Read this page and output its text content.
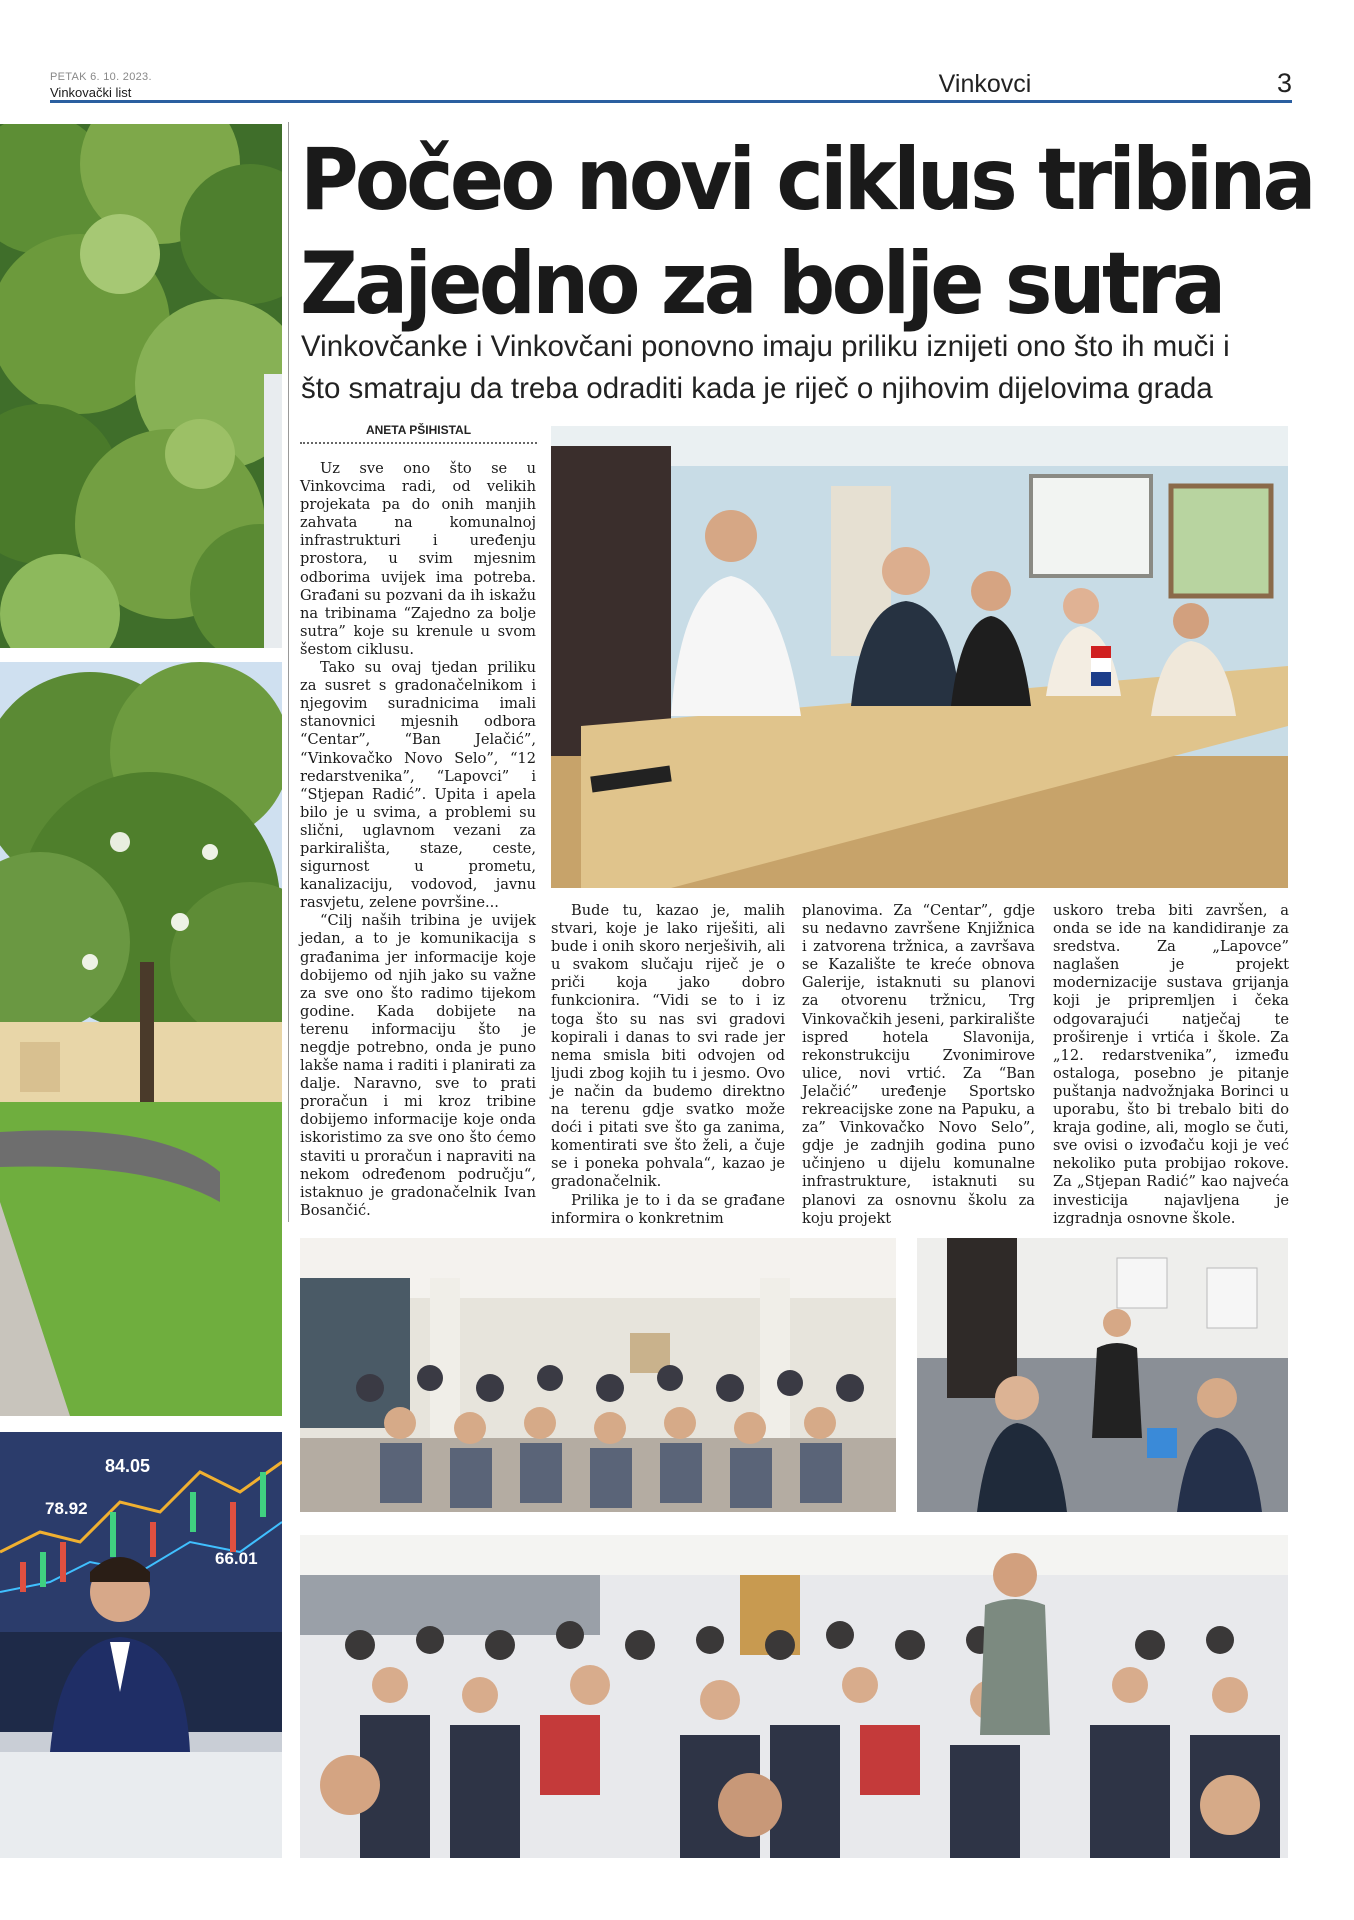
PETAK 6. 10. 2023.
Vinkovački list	Vinkovci	3
84.05
78.92
66.01
Počeo novi ciklus tribina
Zajedno za bolje sutra
Vinkovčanke i Vinkovčani ponovno imaju priliku iznijeti ono što ih muči i
što smatraju da treba odraditi kada je riječ o njihovim dijelovima grada
ANETA PŠIHISTAL

Uz sve ono što se u Vinkovcima radi, od velikih projekata pa do onih manjih zahvata na komunalnoj infrastrukturi i uređenju prostora, u svim mjesnim odborima uvijek ima potreba. Građani su pozvani da ih iskažu na tribinama “Zajedno za bolje sutra” koje su krenule u svom šestom ciklusu.

Tako su ovaj tjedan priliku za susret s gradonačelnikom i njegovim suradnicima imali stanovnici mjesnih odbora “Centar”, “Ban Jelačić”, “Vinkovačko Novo Selo”, “12 redarstvenika”, “Lapovci” i “Stjepan Radić”. Upita i apela bilo je u svima, a problemi su slični, uglavnom vezani za parkirališta, staze, ceste, sigurnost u prometu, kanalizaciju, vodovod, javnu rasvjetu, zelene površine...

“Cilj naših tribina je uvijek jedan, a to je komunikacija s građanima jer informacije koje dobijemo od njih jako su važne za sve ono što radimo tijekom godine. Kada dobijete na terenu informaciju što je negdje potrebno, onda je puno lakše nama i raditi i planirati za dalje. Naravno, sve to prati proračun i mi kroz tribine dobijemo informacije koje onda iskoristimo za sve ono što ćemo staviti u proračun i napraviti na nekom određenom području“, istaknuo je gradonačelnik Ivan Bosančić.

Bude tu, kazao je, malih stvari, koje je lako riješiti, ali bude i onih skoro nerješivih, ali u svakom slučaju riječ je o priči koja jako dobro funkcionira. “Vidi se to i iz toga što su nas svi gradovi kopirali i danas to svi rade jer nema smisla biti odvojen od ljudi zbog kojih tu i jesmo. Ovo je način da budemo direktno na terenu gdje svatko može doći i pitati sve što ga zanima, komentirati sve što želi, a čuje se i poneka pohvala“, kazao je gradonačelnik.

Prilika je to i da se građane informira o konkretnim

planovima. Za “Centar”, gdje su nedavno završene Knjižnica i zatvorena tržnica, a završava se Kazalište te kreće obnova Galerije, istaknuti su planovi za otvorenu tržnicu, Trg Vinkovačkih jeseni, parkiralište ispred hotela Slavonija, rekonstrukciju Zvonimirove ulice, novi vrtić. Za “Ban Jelačić” uređenje Sportsko rekreacijske zone na Papuku, a za” Vinkovačko Novo Selo”, gdje je zadnjih godina puno učinjeno u dijelu komunalne infrastrukture, istaknuti su planovi za osnovnu školu za koju projekt

uskoro treba biti završen, a onda se ide na kandidiranje za sredstva. Za „Lapovce” naglašen je projekt modernizacije sustava grijanja koji je pripremljen i čeka odgovarajući natječaj te proširenje i vrtića i škole. Za „12. redarstvenika”, između ostaloga, posebno je pitanje puštanja nadvožnjaka Borinci u uporabu, što bi trebalo biti do kraja godine, ali, moglo se čuti, sve ovisi o izvođaču koji je već nekoliko puta probijao rokove. Za „Stjepan Radić” kao najveća investicija najavljena je izgradnja osnovne škole.
